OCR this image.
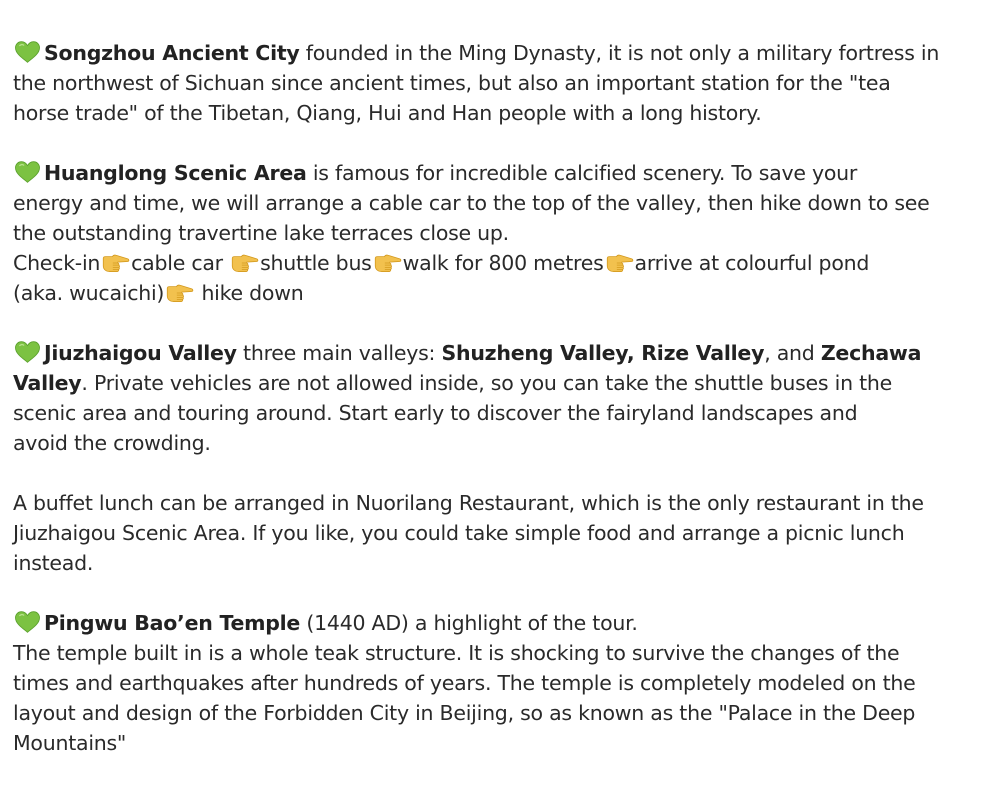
Songzhou Ancient City founded in the Ming Dynasty, it is not only a military fortress in
the northwest of Sichuan since ancient times, but also an important station for the "tea
horse trade" of the Tibetan, Qiang, Hui and Han people with a long history.
Huanglong Scenic Area is famous for incredible calcified scenery. To save your
energy and time, we will arrange a cable car to the top of the valley, then hike down to see
the outstanding travertine lake terraces close up.
Check-in cable car shuttle bus walk for 800 metres arrive at colourful pond
(aka. wucaichi) hike down
Jiuzhaigou Valley three main valleys: Shuzheng Valley, Rize Valley, and Zechawa
Valley. Private vehicles are not allowed inside, so you can take the shuttle buses in the
scenic area and touring around. Start early to discover the fairyland landscapes and
avoid the crowding.
A buffet lunch can be arranged in Nuorilang Restaurant, which is the only restaurant in the
Jiuzhaigou Scenic Area. If you like, you could take simple food and arrange a picnic lunch
instead.
Pingwu Bao’en Temple (1440 AD) a highlight of the tour.
The temple built in is a whole teak structure. It is shocking to survive the changes of the
times and earthquakes after hundreds of years. The temple is completely modeled on the
layout and design of the Forbidden City in Beijing, so as known as the "Palace in the Deep
Mountains"
